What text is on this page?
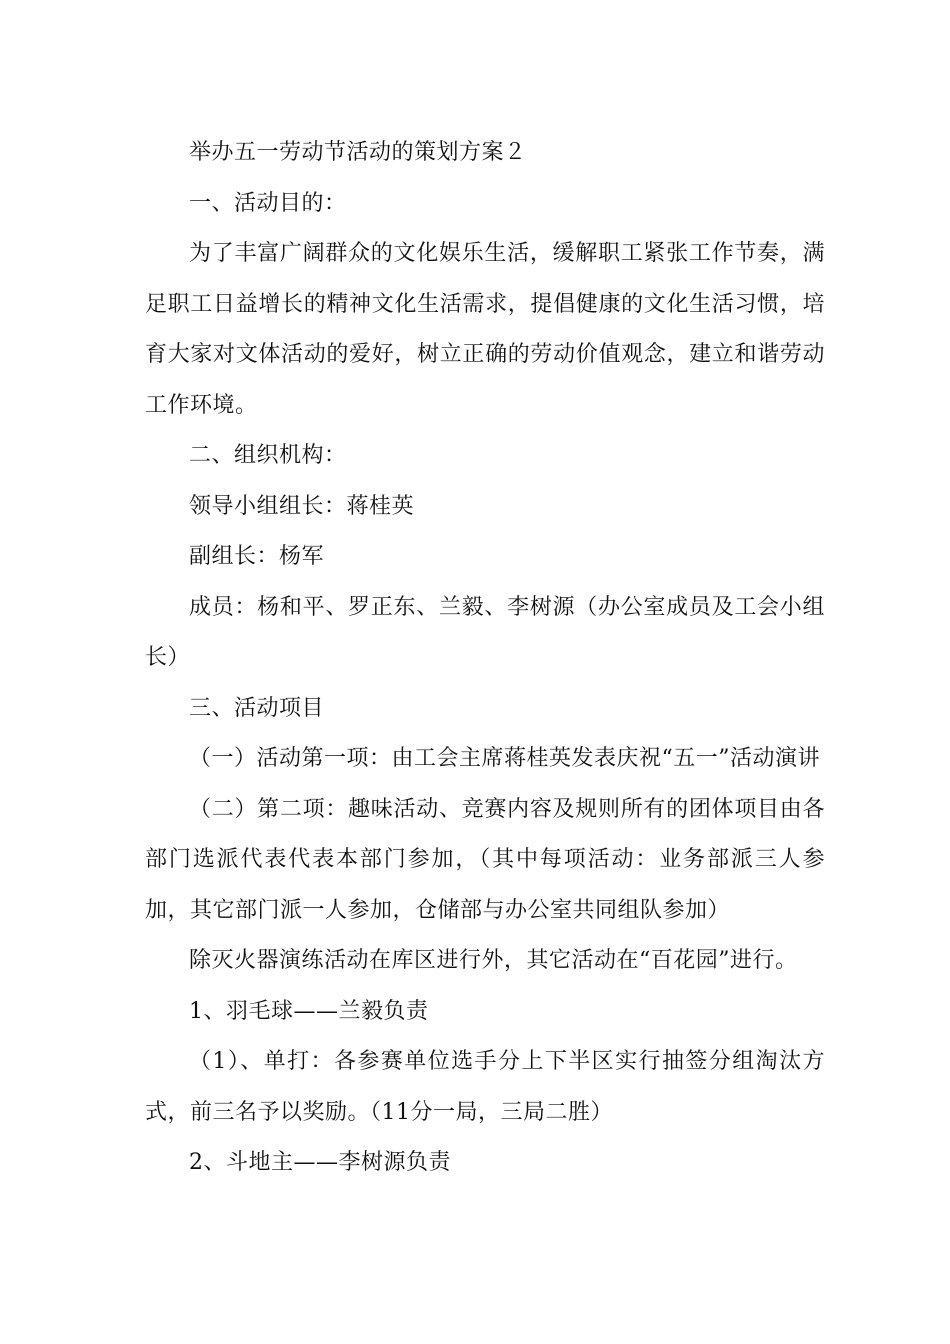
举办五一劳动节活动的策划方案２

一、活动目的：

为了丰富广阔群众的文化娱乐生活，缓解职工紧张工作节奏，满足职工日益增长的精神文化生活需求，提倡健康的文化生活习惯，培育大家对文体活动的爱好，树立正确的劳动价值观念，建立和谐劳动工作环境。

二、组织机构：

领导小组组长：蒋桂英

副组长：杨军

成员：杨和平、罗正东、兰毅、李树源（办公室成员及工会小组长）

三、活动项目

（一）活动第一项：由工会主席蒋桂英发表庆祝“五一”活动演讲

（二）第二项：趣味活动、竞赛内容及规则所有的团体项目由各部门选派代表代表本部门参加，（其中每项活动：业务部派三人参加，其它部门派一人参加，仓储部与办公室共同组队参加）

除灭火器演练活动在库区进行外，其它活动在“百花园”进行。

1、羽毛球——兰毅负责

（1）、单打：各参赛单位选手分上下半区实行抽签分组淘汰方式，前三名予以奖励。（11分一局，三局二胜）

2、斗地主——李树源负责
